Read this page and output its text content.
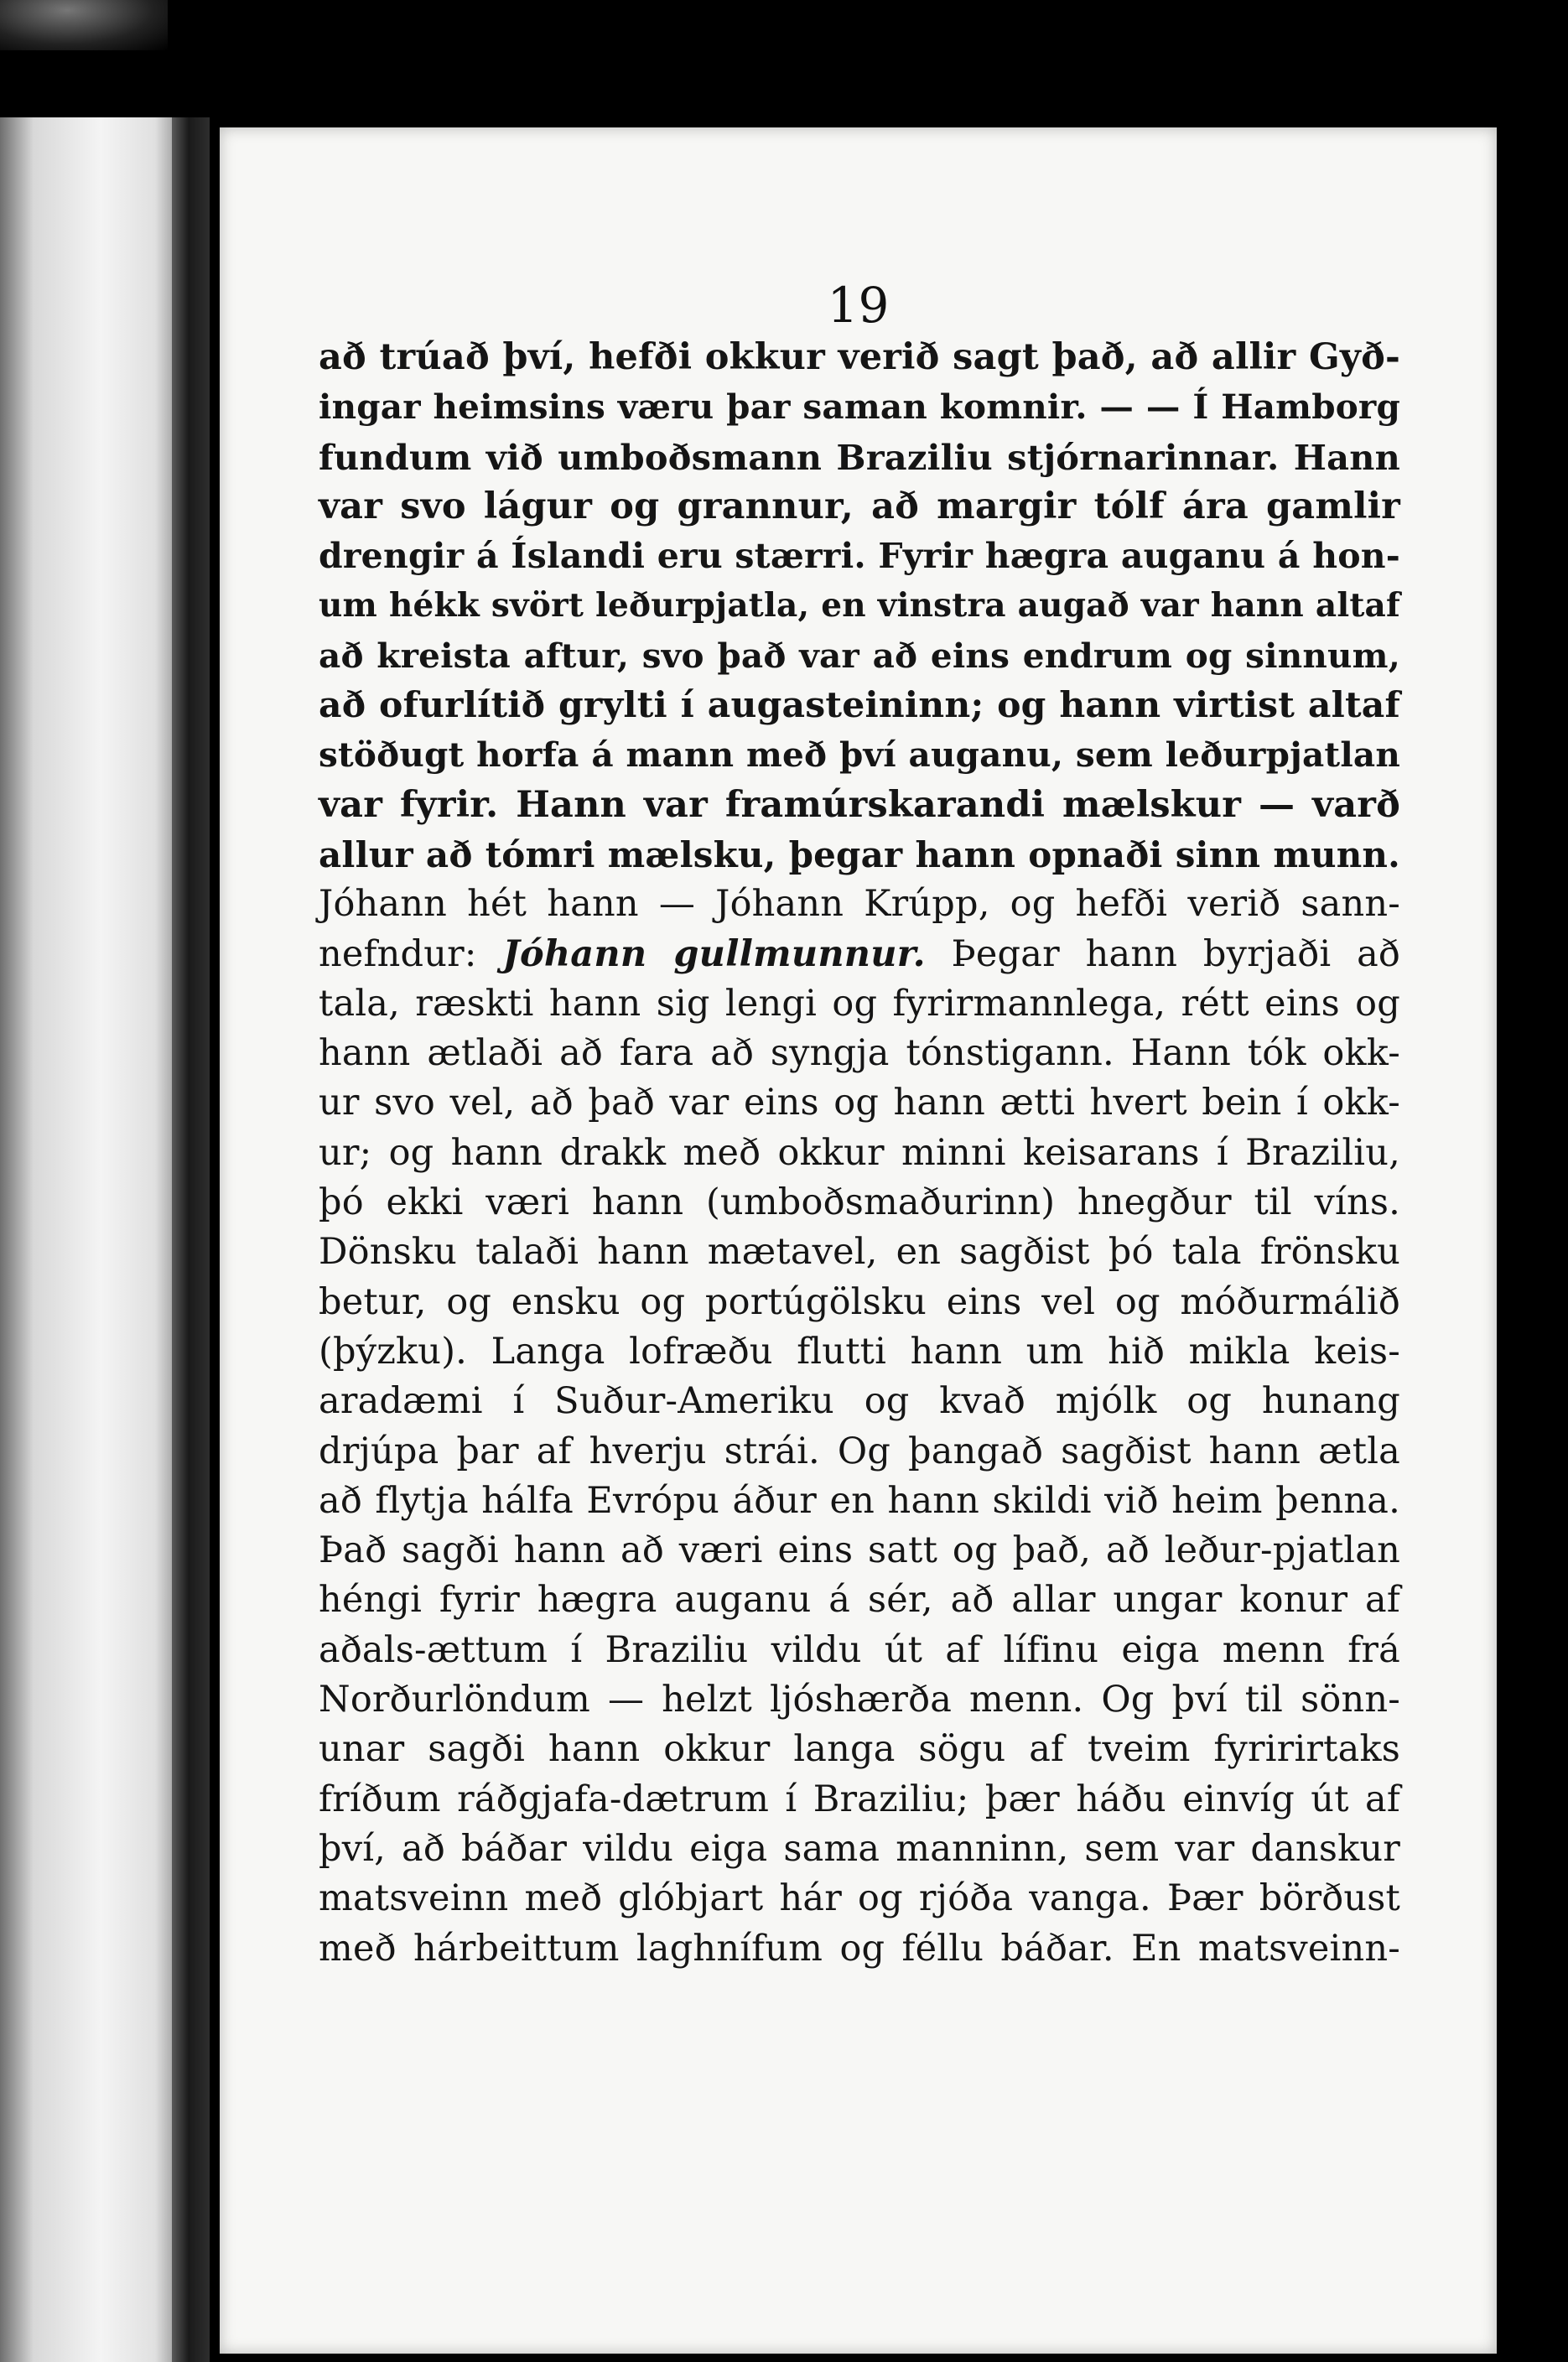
19

að trúað því, hefði okkur verið sagt það, að allir Gyð-
ingar heimsins væru þar saman komnir. — — Í Hamborg
fundum við umboðsmann Braziliu stjórnarinnar. Hann
var svo lágur og grannur, að margir tólf ára gamlir
drengir á Íslandi eru stærri. Fyrir hægra auganu á hon-
um hékk svört leðurpjatla, en vinstra augað var hann altaf
að kreista aftur, svo það var að eins endrum og sinnum,
að ofurlítið grylti í augasteininn; og hann virtist altaf
stöðugt horfa á mann með því auganu, sem leðurpjatlan
var fyrir. Hann var framúrskarandi mælskur — varð
allur að tómri mælsku, þegar hann opnaði sinn munn.
Jóhann hét hann — Jóhann Krúpp, og hefði verið sann-
nefndur: Jóhann gullmunnur. Þegar hann byrjaði að
tala, ræskti hann sig lengi og fyrirmannlega, rétt eins og
hann ætlaði að fara að syngja tónstigann. Hann tók okk-
ur svo vel, að það var eins og hann ætti hvert bein í okk-
ur; og hann drakk með okkur minni keisarans í Braziliu,
þó ekki væri hann (umboðsmaðurinn) hnegður til víns.
Dönsku talaði hann mætavel, en sagðist þó tala frönsku
betur, og ensku og portúgölsku eins vel og móðurmálið
(þýzku). Langa lofræðu flutti hann um hið mikla keis-
aradæmi í Suður-Ameriku og kvað mjólk og hunang
drjúpa þar af hverju strái. Og þangað sagðist hann ætla
að flytja hálfa Evrópu áður en hann skildi við heim þenna.
Það sagði hann að væri eins satt og það, að leður-pjatlan
héngi fyrir hægra auganu á sér, að allar ungar konur af
aðals-ættum í Braziliu vildu út af lífinu eiga menn frá
Norðurlöndum — helzt ljóshærða menn. Og því til sönn-
unar sagði hann okkur langa sögu af tveim fyririrtaks
fríðum ráðgjafa-dætrum í Braziliu; þær háðu einvíg út af
því, að báðar vildu eiga sama manninn, sem var danskur
matsveinn með glóbjart hár og rjóða vanga. Þær börðust
með hárbeittum laghnífum og féllu báðar. En matsveinn-
